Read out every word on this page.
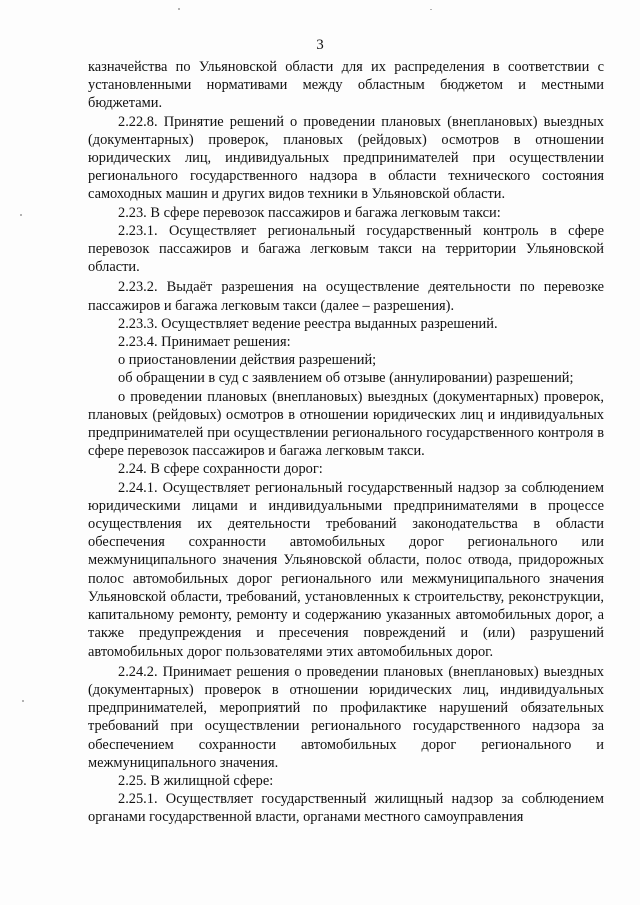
3

казначейства по Ульяновской области для их распределения в соответствии с установленными нормативами между областным бюджетом и местными бюджетами.

2.22.8. Принятие решений о проведении плановых (внеплановых) выездных (документарных) проверок, плановых (рейдовых) осмотров в отношении юридических лиц, индивидуальных предпринимателей при осуществлении регионального государственного надзора в области технического состояния самоходных машин и других видов техники в Ульяновской области.

2.23. В сфере перевозок пассажиров и багажа легковым такси:

2.23.1. Осуществляет региональный государственный контроль в сфере перевозок пассажиров и багажа легковым такси на территории Ульяновской области.

2.23.2. Выдаёт разрешения на осуществление деятельности по перевозке пассажиров и багажа легковым такси (далее – разрешения).

2.23.3. Осуществляет ведение реестра выданных разрешений.

2.23.4. Принимает решения:

о приостановлении действия разрешений;

об обращении в суд с заявлением об отзыве (аннулировании) разрешений;

о проведении плановых (внеплановых) выездных (документарных) проверок, плановых (рейдовых) осмотров в отношении юридических лиц и индивидуальных предпринимателей при осуществлении регионального государственного контроля в сфере перевозок пассажиров и багажа легковым такси.

2.24. В сфере сохранности дорог:

2.24.1. Осуществляет региональный государственный надзор за соблюдением юридическими лицами и индивидуальными предпринимателями в процессе осуществления их деятельности требований законодательства в области обеспечения сохранности автомобильных дорог регионального или межмуниципального значения Ульяновской области, полос отвода, придорожных полос автомобильных дорог регионального или межмуниципального значения Ульяновской области, требований, установленных к строительству, реконструкции, капитальному ремонту, ремонту и содержанию указанных автомобильных дорог, а также предупреждения и пресечения повреждений и (или) разрушений автомобильных дорог пользователями этих автомобильных дорог.

2.24.2. Принимает решения о проведении плановых (внеплановых) выездных (документарных) проверок в отношении юридических лиц, индивидуальных предпринимателей, мероприятий по профилактике нарушений обязательных требований при осуществлении регионального государственного надзора за обеспечением сохранности автомобильных дорог регионального и межмуниципального значения.

2.25. В жилищной сфере:

2.25.1. Осуществляет государственный жилищный надзор за соблюдением органами государственной власти, органами местного самоуправления
